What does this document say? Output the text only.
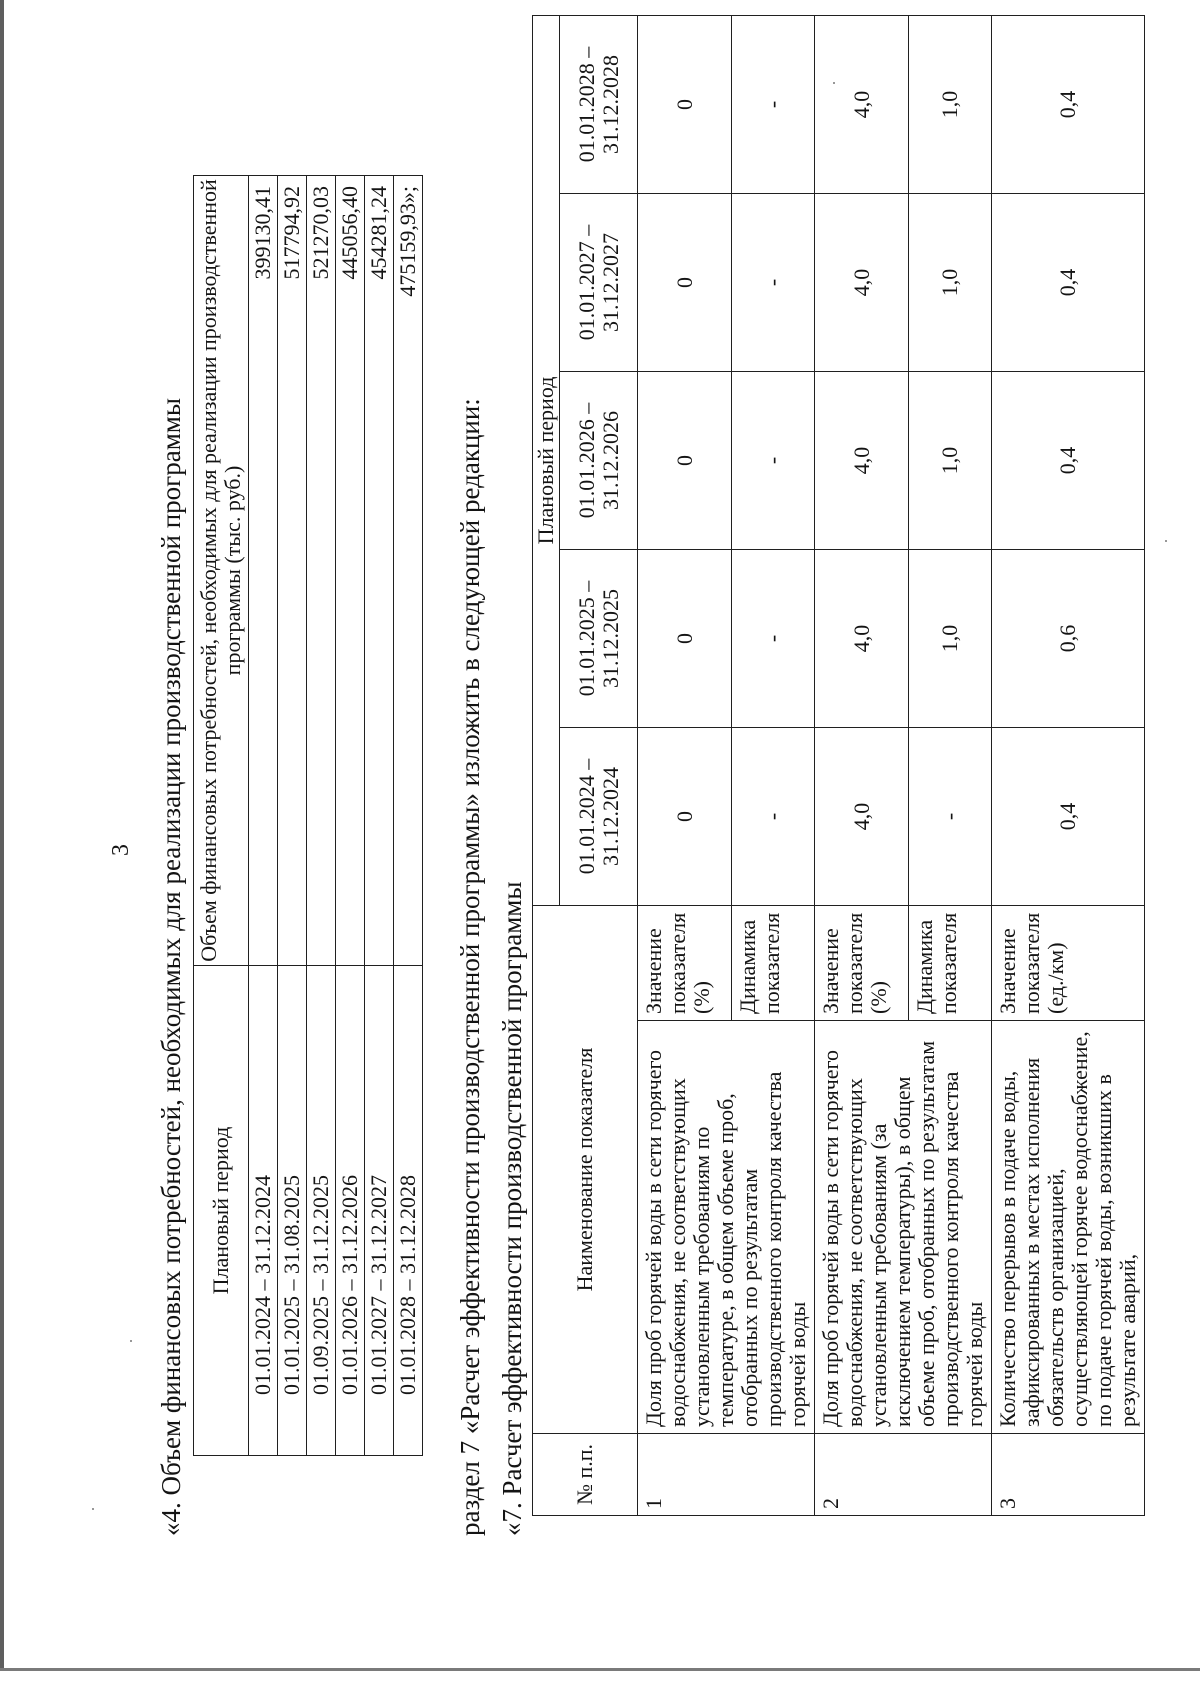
3 «4. Объем финансовых потребностей, необходимых для реализации производственной программы Плановый период	Объем финансовых потребностей, необходимых для реализации производственной программы (тыс. руб.)
01.01.2024 – 31.12.2024	399130,41
01.01.2025 – 31.08.2025	517794,92
01.09.2025 – 31.12.2025	521270,03
01.01.2026 – 31.12.2026	445056,40
01.01.2027 – 31.12.2027	454281,24
01.01.2028 – 31.12.2028	475159,93»;
раздел 7 «Расчет эффективности производственной программы» изложить в следующей редакции: «7. Расчет эффективности производственной программы № п.п.	Наименование показателя		Плановый период				
			01.01.2024 – 31.12.2024	01.01.2025 – 31.12.2025	01.01.2026 – 31.12.2026	01.01.2027 – 31.12.2027	01.01.2028 – 31.12.2028
1	Доля проб горячей воды в сети горячего водоснабжения, не соответствующих установленным требованиям по температуре, в общем объеме проб, отобранных по результатам производственного контроля качества горячей воды	Значение показателя (%)	0	0	0	0	0
		Динамика показателя	-	-	-	-	-
2	Доля проб горячей воды в сети горячего водоснабжения, не соответствующих установленным требованиям (за исключением температуры), в общем объеме проб, отобранных по результатам производственного контроля качества горячей воды	Значение показателя (%)	4,0	4,0	4,0	4,0	4,0
		Динамика показателя	-	1,0	1,0	1,0	1,0
3	Количество перерывов в подаче воды, зафиксированных в местах исполнения обязательств организацией, осуществляющей горячее водоснабжение, по подаче горячей воды, возникших в результате аварий,	Значение показателя (ед./км)	0,4	0,6	0,4	0,4	0,4
